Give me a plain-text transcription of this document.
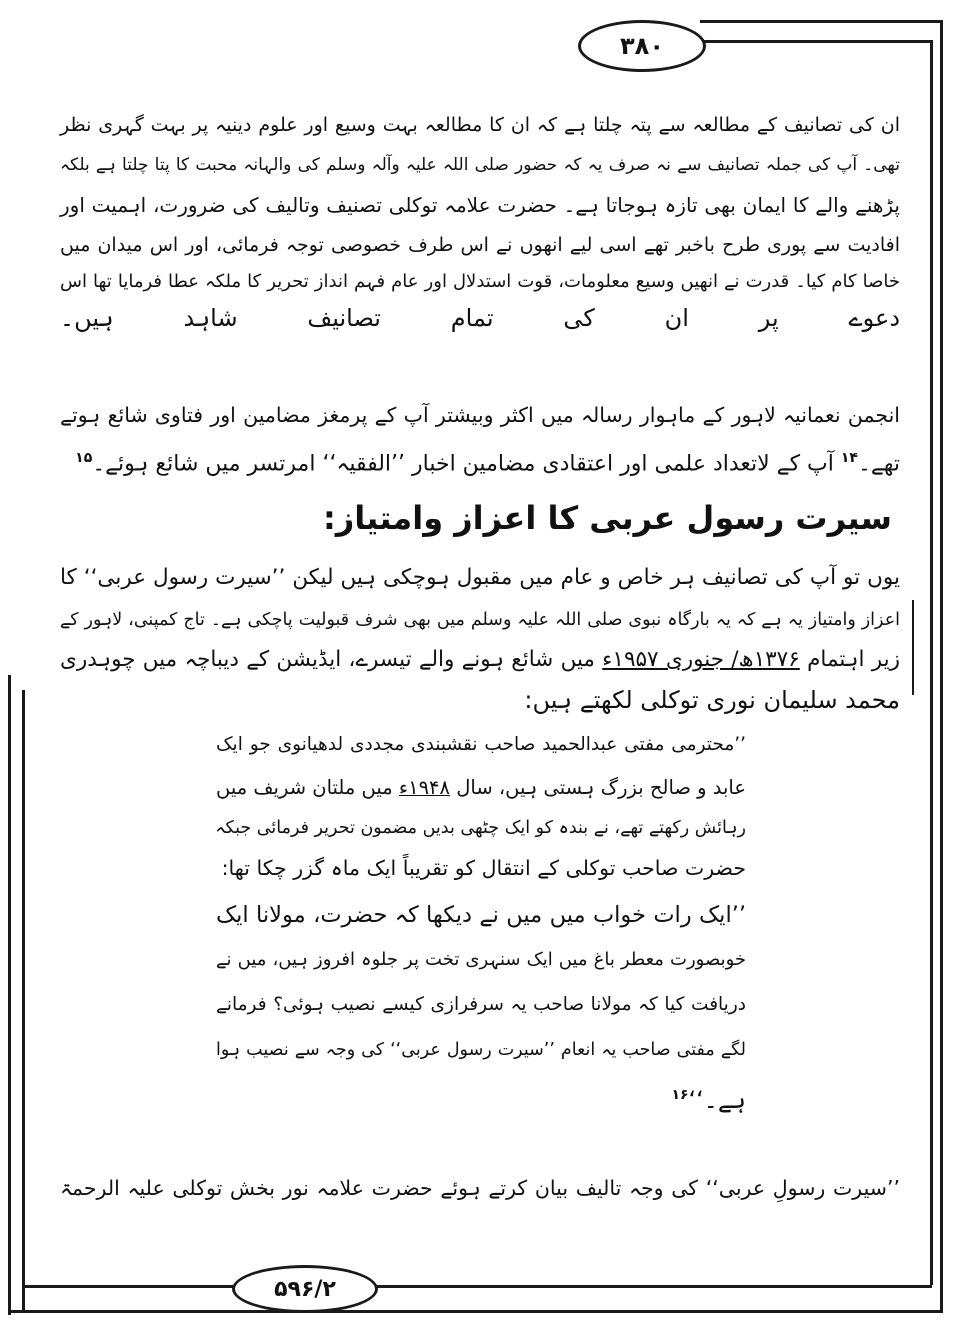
۳۸۰
ان کی تصانیف کے مطالعہ سے پتہ چلتا ہے کہ ان کا مطالعہ بہت وسیع اور علوم دینیہ پر بہت گہری نظر
تھی۔ آپ کی جملہ تصانیف سے نہ صرف یہ کہ حضور صلی اللہ علیہ وآلہ وسلم کی والہانہ محبت کا پتا چلتا ہے بلکہ
پڑھنے والے کا ایمان بھی تازہ ہوجاتا ہے۔ حضرت علامہ توکلی تصنیف وتالیف کی ضرورت، اہمیت اور
افادیت سے پوری طرح باخبر تھے اسی لیے انھوں نے اس طرف خصوصی توجہ فرمائی، اور اس میدان میں
خاصا کام کیا۔ قدرت نے انھیں وسیع معلومات، قوت استدلال اور عام فہم انداز تحریر کا ملکہ عطا فرمایا تھا اس
دعوے پر ان کی تمام تصانیف شاہد ہیں۔
انجمن نعمانیہ لاہور کے ماہوار رسالہ میں اکثر وبیشتر آپ کے پرمغز مضامین اور فتاوی شائع ہوتے
تھے۔$^{۱۴}$ آپ کے لاتعداد علمی اور اعتقادی مضامین اخبار ’’الفقیہ‘‘ امرتسر میں شائع ہوئے۔$^{۱۵}$
سیرت رسول عربی کا اعزاز وامتیاز:
یوں تو آپ کی تصانیف ہر خاص و عام میں مقبول ہوچکی ہیں لیکن ’’سیرت رسول عربی‘‘ کا
اعزاز وامتیاز یہ ہے کہ یہ بارگاہ نبوی صلی اللہ علیہ وسلم میں بھی شرف قبولیت پاچکی ہے۔ تاج کمپنی، لاہور کے
زیر اہتمام ۱۳۷۶ھ/ جنوری ۱۹۵۷ء میں شائع ہونے والے تیسرے، ایڈیشن کے دیباچہ میں چوہدری
محمد سلیمان نوری توکلی لکھتے ہیں:
’’محترمی مفتی عبدالحمید صاحب نقشبندی مجددی لدھیانوی جو ایک
عابد و صالح بزرگ ہستی ہیں، سال ۱۹۴۸ء میں ملتان شریف میں
رہائش رکھتے تھے، نے بندہ کو ایک چٹھی بدیں مضمون تحریر فرمائی جبکہ
حضرت صاحب توکلی کے انتقال کو تقریباً ایک ماہ گزر چکا تھا:
’’ایک رات خواب میں میں نے دیکھا کہ حضرت، مولانا ایک
خوبصورت معطر باغ میں ایک سنہری تخت پر جلوہ افروز ہیں، میں نے
دریافت کیا کہ مولانا صاحب یہ سرفرازی کیسے نصیب ہوئی؟ فرمانے
لگے مفتی صاحب یہ انعام ’’سیرت رسول عربی‘‘ کی وجہ سے نصیب ہوا
ہے۔‘‘$^{۱۶}$
’’سیرت رسولِ عربی‘‘ کی وجہ تالیف بیان کرتے ہوئے حضرت علامہ نور بخش توکلی علیہ الرحمۃ
۵۹۶/۲
